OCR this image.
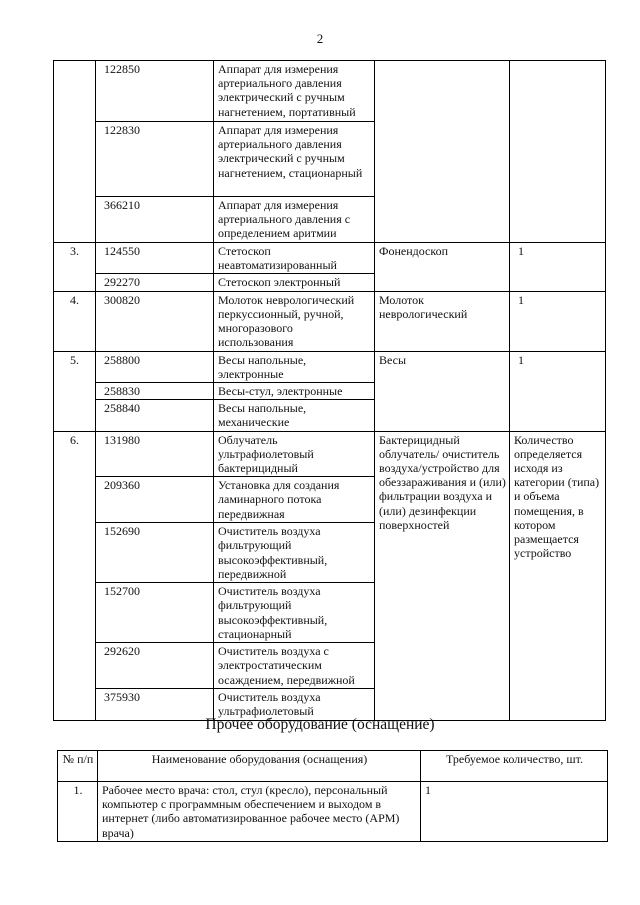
2
	122850	Аппарат для измерения артериального давления электрический с ручным нагнетением, портативный		
	122830	Аппарат для измерения артериального давления электрический с ручным нагнетением, стационарный		
	366210	Аппарат для измерения артериального давления с определением аритмии		
3.	124550	Стетоскоп неавтоматизированный	Фонендоскоп	1
	292270	Стетоскоп электронный		
4.	300820	Молоток неврологический перкуссионный, ручной, многоразового использования	Молоток неврологический	1
5.	258800	Весы напольные, электронные	Весы	1
	258830	Весы-стул, электронные		
	258840	Весы напольные, механические		
6.	131980	Облучатель ультрафиолетовый бактерицидный	Бактерицидный облучатель/ очиститель воздуха/устройство для обеззараживания и (или) фильтрации воздуха и (или) дезинфекции поверхностей	Количество определяется исходя из категории (типа) и объема помещения, в котором размещается устройство
	209360	Установка для создания ламинарного потока передвижная		
	152690	Очиститель воздуха фильтрующий высокоэффективный, передвижной		
	152700	Очиститель воздуха фильтрующий высокоэффективный, стационарный		
	292620	Очиститель воздуха с электростатическим осаждением, передвижной		
	375930	Очиститель воздуха ультрафиолетовый		
Прочее оборудование (оснащение)
№ п/п	Наименование оборудования (оснащения)	Требуемое количество, шт.
1.	Рабочее место врача: стол, стул (кресло), персональный компьютер с программным обеспечением и выходом в интернет (либо автоматизированное рабочее место (АРМ) врача)	1
